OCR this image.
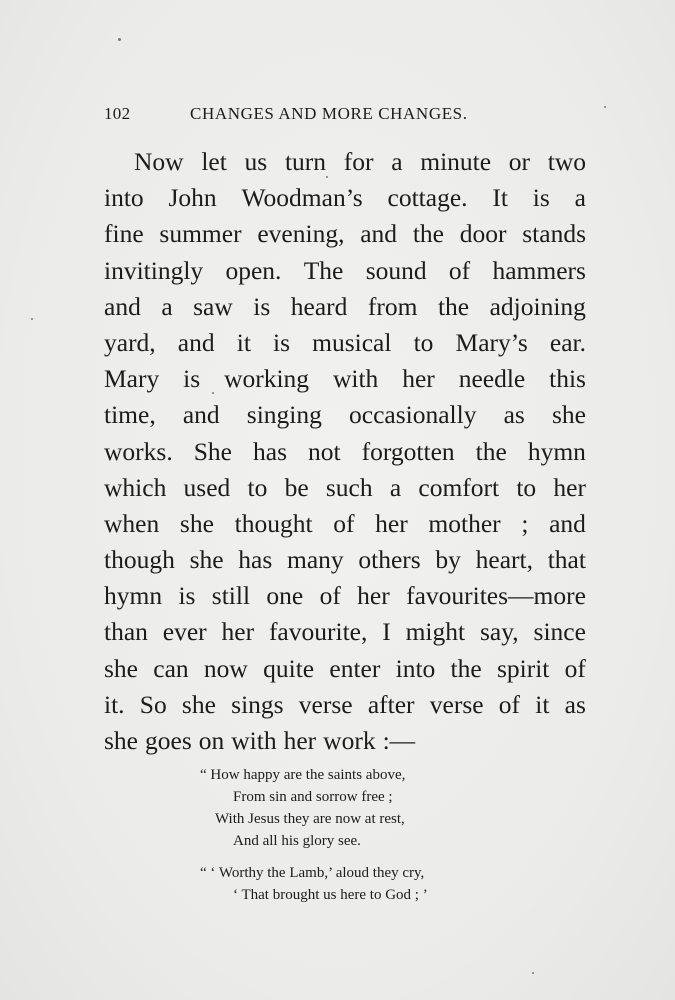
102	CHANGES AND MORE CHANGES.
Now let us turn for a minute or two
into John Woodman’s cottage. It is a
fine summer evening, and the door stands
invitingly open. The sound of hammers
and a saw is heard from the adjoining
yard, and it is musical to Mary’s ear.
Mary is working with her needle this
time, and singing occasionally as she
works. She has not forgotten the hymn
which used to be such a comfort to her
when she thought of her mother ; and
though she has many others by heart, that
hymn is still one of her favourites—more
than ever her favourite, I might say, since
she can now quite enter into the spirit of
it. So she sings verse after verse of it as
she goes on with her work :—
“ How happy are the saints above,
From sin and sorrow free ;
With Jesus they are now at rest,
And all his glory see.
“ ‘ Worthy the Lamb,’ aloud they cry,
‘ That brought us here to God ; ’
